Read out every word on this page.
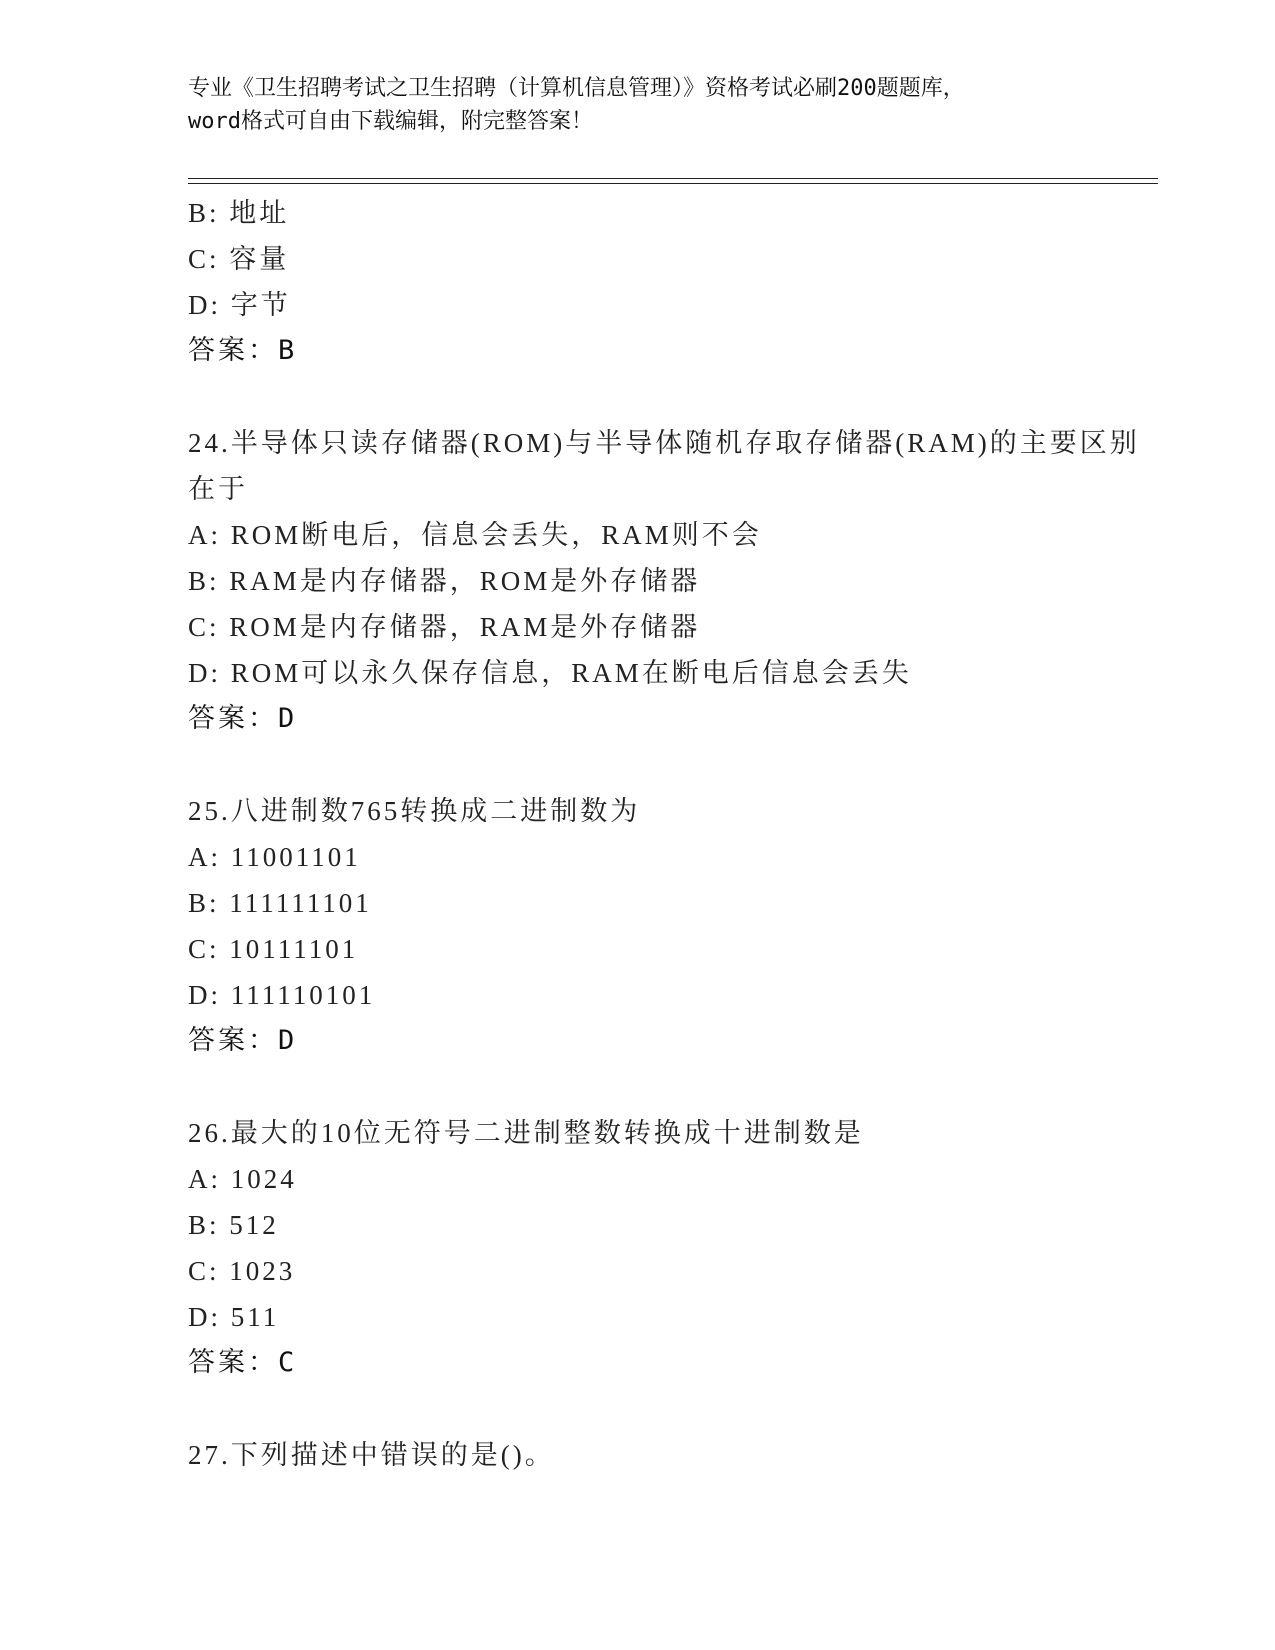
专业《卫生招聘考试之卫生招聘（计算机信息管理）》资格考试必刷200题题库，
word格式可自由下载编辑，附完整答案！
B: 地址
C: 容量
D: 字节
答案：B
24.半导体只读存储器(ROM)与半导体随机存取存储器(RAM)的主要区别
在于
A: ROM断电后，信息会丢失，RAM则不会
B: RAM是内存储器，ROM是外存储器
C: ROM是内存储器，RAM是外存储器
D: ROM可以永久保存信息，RAM在断电后信息会丢失
答案：D
25.八进制数765转换成二进制数为
A: 11001101
B: 111111101
C: 10111101
D: 111110101
答案：D
26.最大的10位无符号二进制整数转换成十进制数是
A: 1024
B: 512
C: 1023
D: 511
答案：C
27.下列描述中错误的是()。
